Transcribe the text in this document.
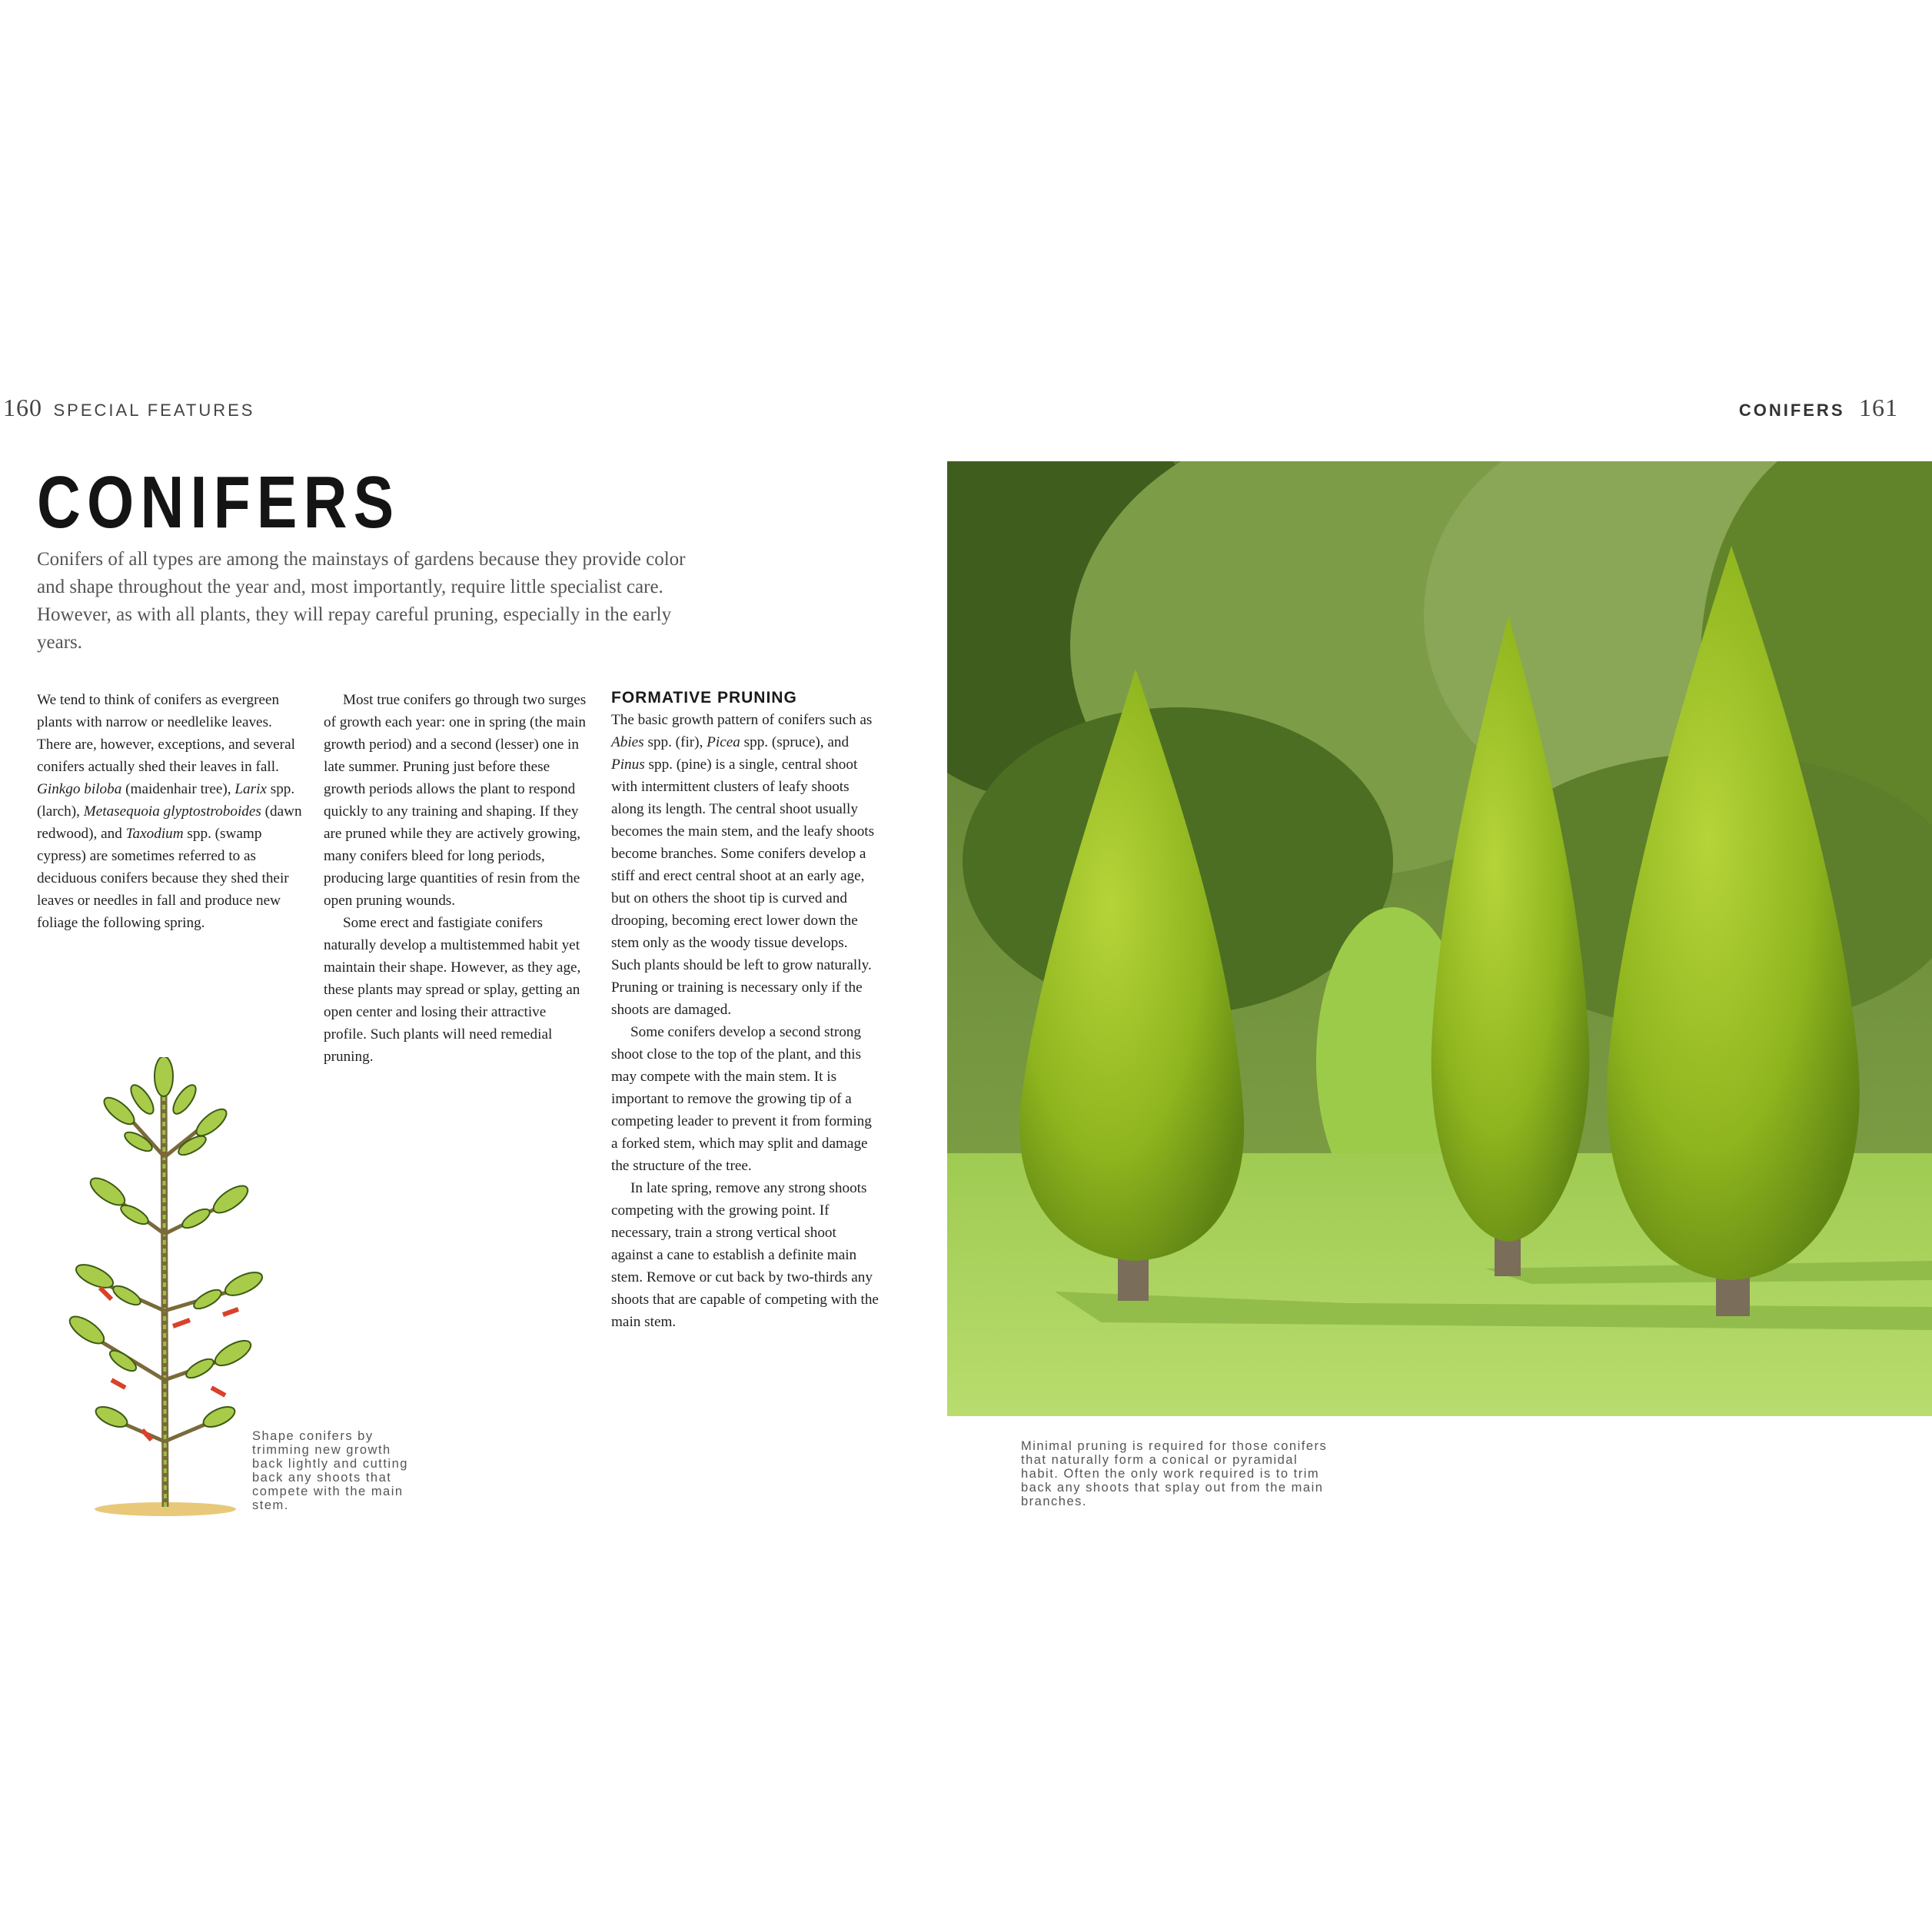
160 SPECIAL FEATURES	CONIFERS 161
CONIFERS
Conifers of all types are among the mainstays of gardens because they provide color and shape throughout the year and, most importantly, require little specialist care. However, as with all plants, they will repay careful pruning, especially in the early years.

We tend to think of conifers as evergreen plants with narrow or needlelike leaves. There are, however, exceptions, and several conifers actually shed their leaves in fall. Ginkgo biloba (maidenhair tree), Larix spp. (larch), Metasequoia glyptostroboides (dawn redwood), and Taxodium spp. (swamp cypress) are sometimes referred to as deciduous conifers because they shed their leaves or needles in fall and produce new foliage the following spring.

Most true conifers go through two surges of growth each year: one in spring (the main growth period) and a second (lesser) one in late summer. Pruning just before these growth periods allows the plant to respond quickly to any training and shaping. If they are pruned while they are actively growing, many conifers bleed for long periods, producing large quantities of resin from the open pruning wounds.

Some erect and fastigiate conifers naturally develop a multistemmed habit yet maintain their shape. However, as they age, these plants may spread or splay, getting an open center and losing their attractive profile. Such plants will need remedial pruning.

FORMATIVE PRUNING

The basic growth pattern of conifers such as Abies spp. (fir), Picea spp. (spruce), and Pinus spp. (pine) is a single, central shoot with intermittent clusters of leafy shoots along its length. The central shoot usually becomes the main stem, and the leafy shoots become branches. Some conifers develop a stiff and erect central shoot at an early age, but on others the shoot tip is curved and drooping, becoming erect lower down the stem only as the woody tissue develops. Such plants should be left to grow naturally. Pruning or training is necessary only if the shoots are damaged.

Some conifers develop a second strong shoot close to the top of the plant, and this may compete with the main stem. It is important to remove the growing tip of a competing leader to prevent it from forming a forked stem, which may split and damage the structure of the tree.

In late spring, remove any strong shoots competing with the growing point. If necessary, train a strong vertical shoot against a cane to establish a definite main stem. Remove or cut back by two-thirds any shoots that are capable of competing with the main stem.

Shape conifers by trimming new growth back lightly and cutting back any shoots that compete with the main stem.
Minimal pruning is required for those conifers that naturally form a conical or pyramidal habit. Often the only work required is to trim back any shoots that splay out from the main branches.
